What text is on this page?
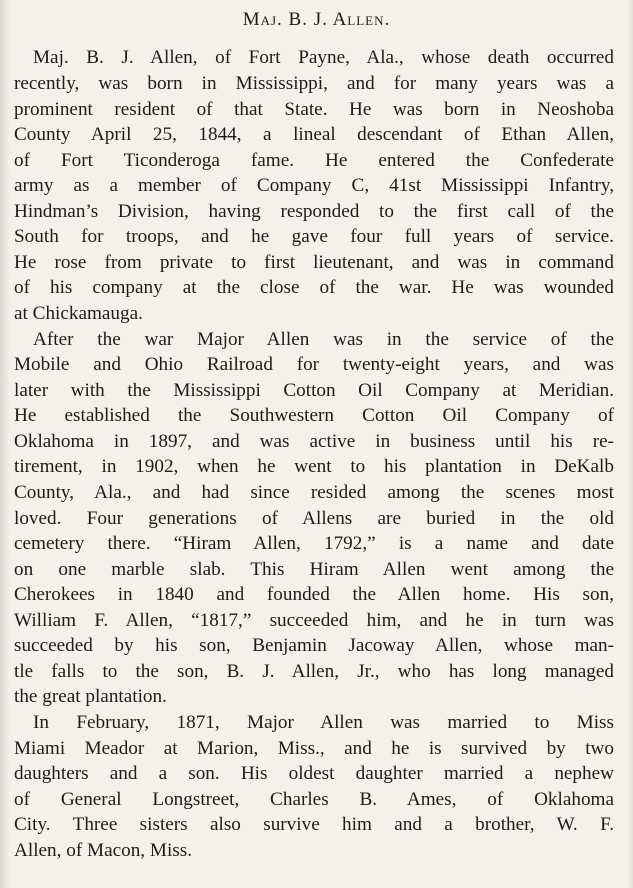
Maj. B. J. Allen.
Maj. B. J. Allen, of Fort Payne, Ala., whose death occurred
recently, was born in Mississippi, and for many years was a
prominent resident of that State. He was born in Neoshoba
County April 25, 1844, a lineal descendant of Ethan Allen,
of Fort Ticonderoga fame. He entered the Confederate
army as a member of Company C, 41st Mississippi Infantry,
Hindman’s Division, having responded to the first call of the
South for troops, and he gave four full years of service.
He rose from private to first lieutenant, and was in command
of his company at the close of the war. He was wounded
at Chickamauga.
After the war Major Allen was in the service of the
Mobile and Ohio Railroad for twenty-eight years, and was
later with the Mississippi Cotton Oil Company at Meridian.
He established the Southwestern Cotton Oil Company of
Oklahoma in 1897, and was active in business until his re-
tirement, in 1902, when he went to his plantation in DeKalb
County, Ala., and had since resided among the scenes most
loved. Four generations of Allens are buried in the old
cemetery there. “Hiram Allen, 1792,” is a name and date
on one marble slab. This Hiram Allen went among the
Cherokees in 1840 and founded the Allen home. His son,
William F. Allen, “1817,” succeeded him, and he in turn was
succeeded by his son, Benjamin Jacoway Allen, whose man-
tle falls to the son, B. J. Allen, Jr., who has long managed
the great plantation.
In February, 1871, Major Allen was married to Miss
Miami Meador at Marion, Miss., and he is survived by two
daughters and a son. His oldest daughter married a nephew
of General Longstreet, Charles B. Ames, of Oklahoma
City. Three sisters also survive him and a brother, W. F.
Allen, of Macon, Miss.
